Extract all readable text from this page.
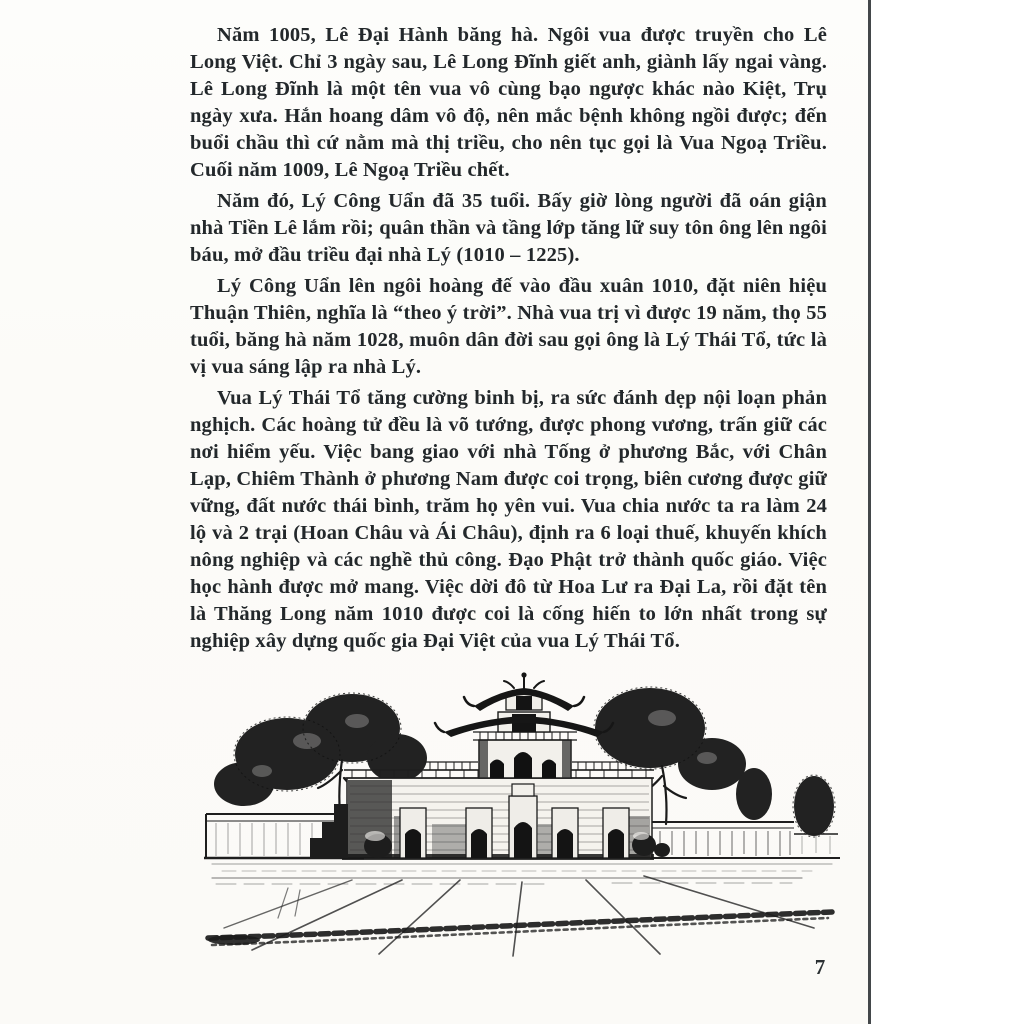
Năm 1005, Lê Đại Hành băng hà. Ngôi vua được truyền cho Lê Long Việt. Chỉ 3 ngày sau, Lê Long Đĩnh giết anh, giành lấy ngai vàng. Lê Long Đĩnh là một tên vua vô cùng bạo ngược khác nào Kiệt, Trụ ngày xưa. Hắn hoang dâm vô độ, nên mắc bệnh không ngồi được; đến buổi chầu thì cứ nằm mà thị triều, cho nên tục gọi là Vua Ngoạ Triều. Cuối năm 1009, Lê Ngoạ Triều chết.

Năm đó, Lý Công Uẩn đã 35 tuổi. Bấy giờ lòng người đã oán giận nhà Tiền Lê lắm rồi; quân thần và tầng lớp tăng lữ suy tôn ông lên ngôi báu, mở đầu triều đại nhà Lý (1010 – 1225).

Lý Công Uẩn lên ngôi hoàng đế vào đầu xuân 1010, đặt niên hiệu Thuận Thiên, nghĩa là “theo ý trời”. Nhà vua trị vì được 19 năm, thọ 55 tuổi, băng hà năm 1028, muôn dân đời sau gọi ông là Lý Thái Tổ, tức là vị vua sáng lập ra nhà Lý.

Vua Lý Thái Tổ tăng cường binh bị, ra sức đánh dẹp nội loạn phản nghịch. Các hoàng tử đều là võ tướng, được phong vương, trấn giữ các nơi hiểm yếu. Việc bang giao với nhà Tống ở phương Bắc, với Chân Lạp, Chiêm Thành ở phương Nam được coi trọng, biên cương được giữ vững, đất nước thái bình, trăm họ yên vui. Vua chia nước ta ra làm 24 lộ và 2 trại (Hoan Châu và Ái Châu), định ra 6 loại thuế, khuyến khích nông nghiệp và các nghề thủ công. Đạo Phật trở thành quốc giáo. Việc học hành được mở mang. Việc dời đô từ Hoa Lư ra Đại La, rồi đặt tên là Thăng Long năm 1010 được coi là cống hiến to lớn nhất trong sự nghiệp xây dựng quốc gia Đại Việt của vua Lý Thái Tổ.

7
